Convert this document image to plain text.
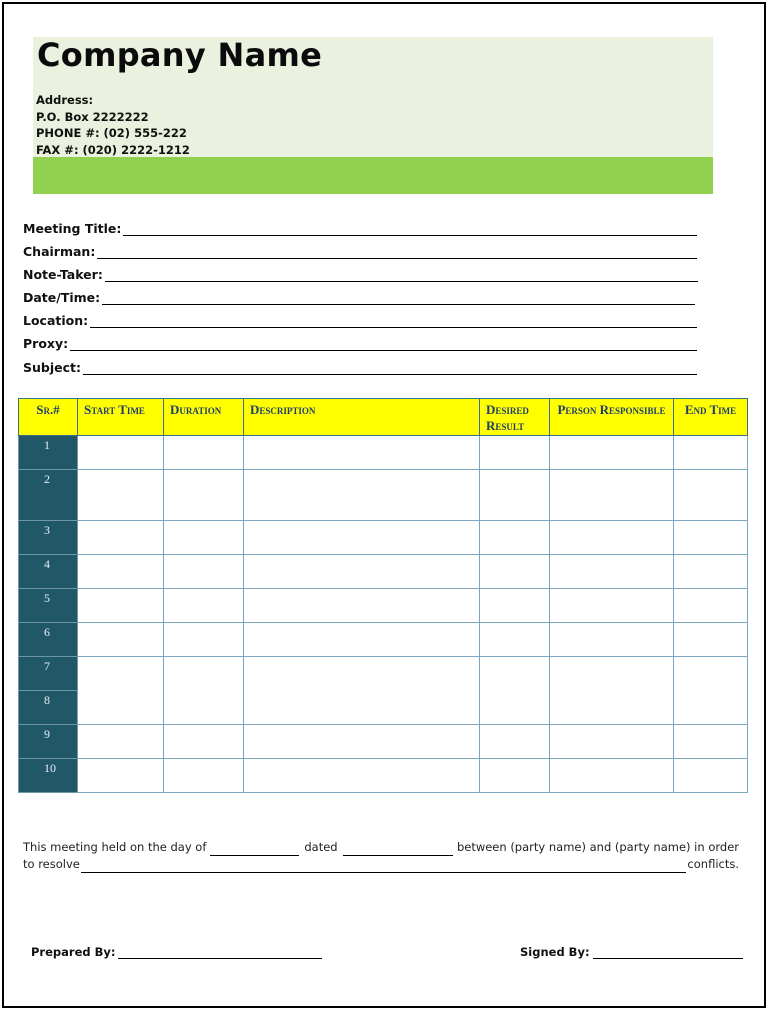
Company Name
Address:
P.O. Box 2222222
PHONE #: (02) 555-222
FAX #: (020) 2222-1212
Meeting Title:
Chairman:
Note-Taker:
Date/Time:
Location:
Proxy:
Subject:
Sr.#	Start Time	Duration	Description	Desired Result	Person Responsible	End Time
1						
2						
3						
4						
5						
6						
7						
8						
9						
10						
This meeting held on the day of	dated	between (party name) and (party name) in order
to resolve	conflicts.
Prepared By:	Signed By:
